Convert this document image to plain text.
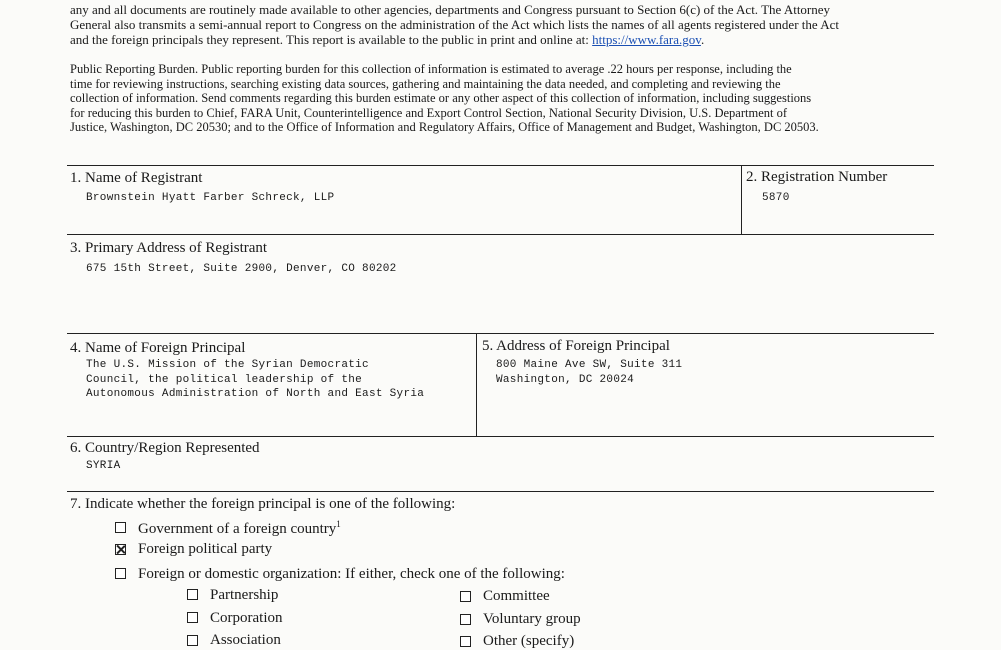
any and all documents are routinely made available to other agencies, departments and Congress pursuant to Section 6(c) of the Act. The Attorney
General also transmits a semi-annual report to Congress on the administration of the Act which lists the names of all agents registered under the Act
and the foreign principals they represent. This report is available to the public in print and online at: https://www.fara.gov.
Public Reporting Burden. Public reporting burden for this collection of information is estimated to average .22 hours per response, including the
time for reviewing instructions, searching existing data sources, gathering and maintaining the data needed, and completing and reviewing the
collection of information. Send comments regarding this burden estimate or any other aspect of this collection of information, including suggestions
for reducing this burden to Chief, FARA Unit, Counterintelligence and Export Control Section, National Security Division, U.S. Department of
Justice, Washington, DC 20530; and to the Office of Information and Regulatory Affairs, Office of Management and Budget, Washington, DC 20503.
1. Name of Registrant
Brownstein Hyatt Farber Schreck, LLP
2. Registration Number
5870
3. Primary Address of Registrant
675 15th Street, Suite 2900, Denver, CO 80202
4. Name of Foreign Principal
The U.S. Mission of the Syrian Democratic
Council, the political leadership of the
Autonomous Administration of North and East Syria
5. Address of Foreign Principal
800 Maine Ave SW, Suite 311
Washington, DC 20024
6. Country/Region Represented
SYRIA
7. Indicate whether the foreign principal is one of the following:
Government of a foreign country$^1$
Foreign political party
Foreign or domestic organization: If either, check one of the following:
Partnership
Corporation
Association
Committee
Voluntary group
Other (specify)
